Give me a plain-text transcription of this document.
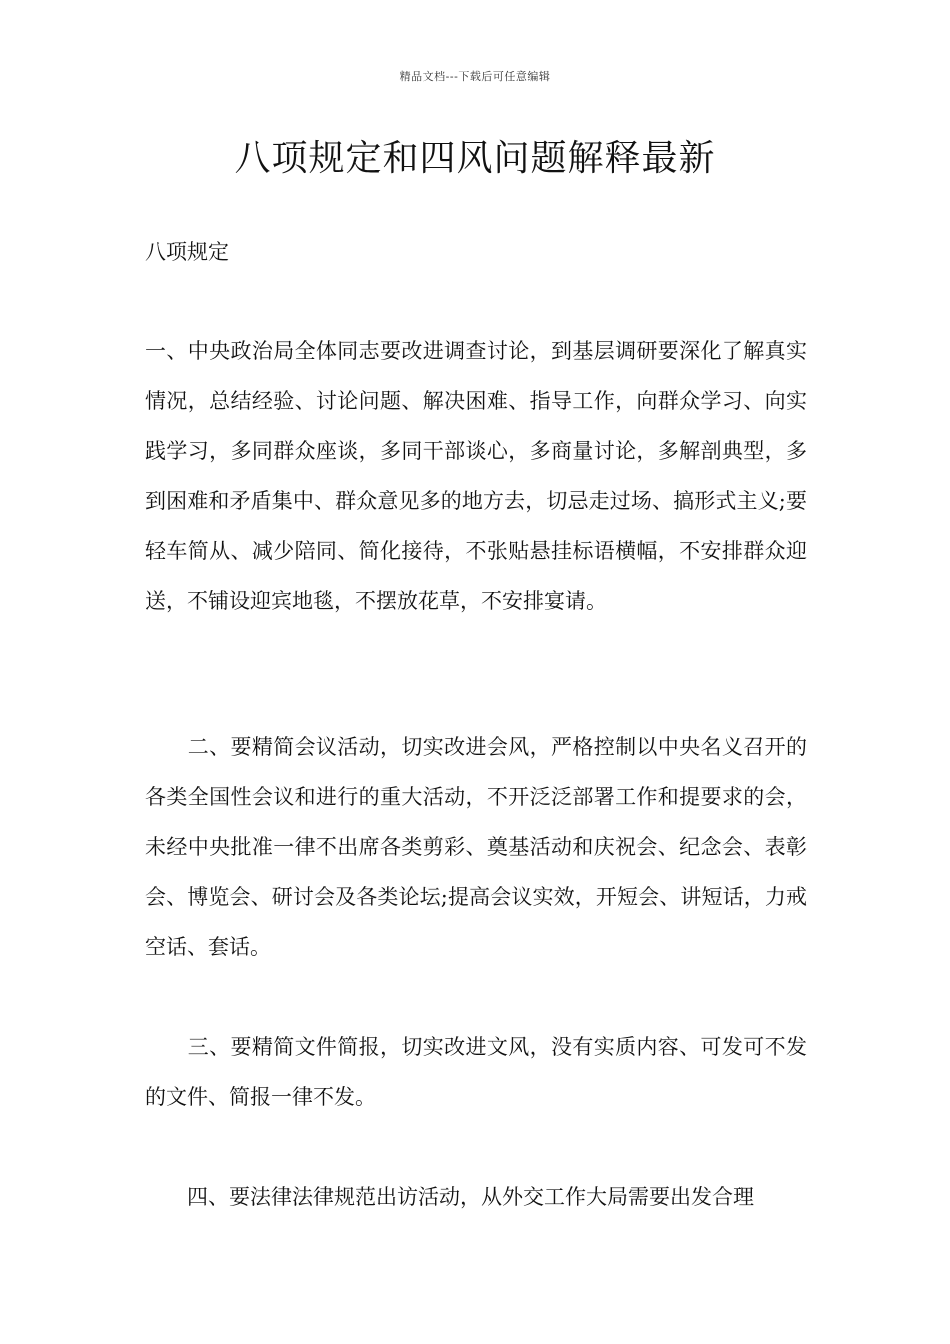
精品文档---下载后可任意编辑
八项规定和四风问题解释最新

八项规定

一、中央政治局全体同志要改进调查讨论，到基层调研要深化了解真实情况，总结经验、讨论问题、解决困难、指导工作，向群众学习、向实践学习，多同群众座谈，多同干部谈心，多商量讨论，多解剖典型，多到困难和矛盾集中、群众意见多的地方去，切忌走过场、搞形式主义;要轻车简从、减少陪同、简化接待，不张贴悬挂标语横幅，不安排群众迎送，不铺设迎宾地毯，不摆放花草，不安排宴请。

　　二、要精简会议活动，切实改进会风，严格控制以中央名义召开的各类全国性会议和进行的重大活动，不开泛泛部署工作和提要求的会，未经中央批准一律不出席各类剪彩、奠基活动和庆祝会、纪念会、表彰会、博览会、研讨会及各类论坛;提高会议实效，开短会、讲短话，力戒空话、套话。

　　三、要精简文件简报，切实改进文风，没有实质内容、可发可不发的文件、简报一律不发。

　　四、要法律法律规范出访活动，从外交工作大局需要出发合理
